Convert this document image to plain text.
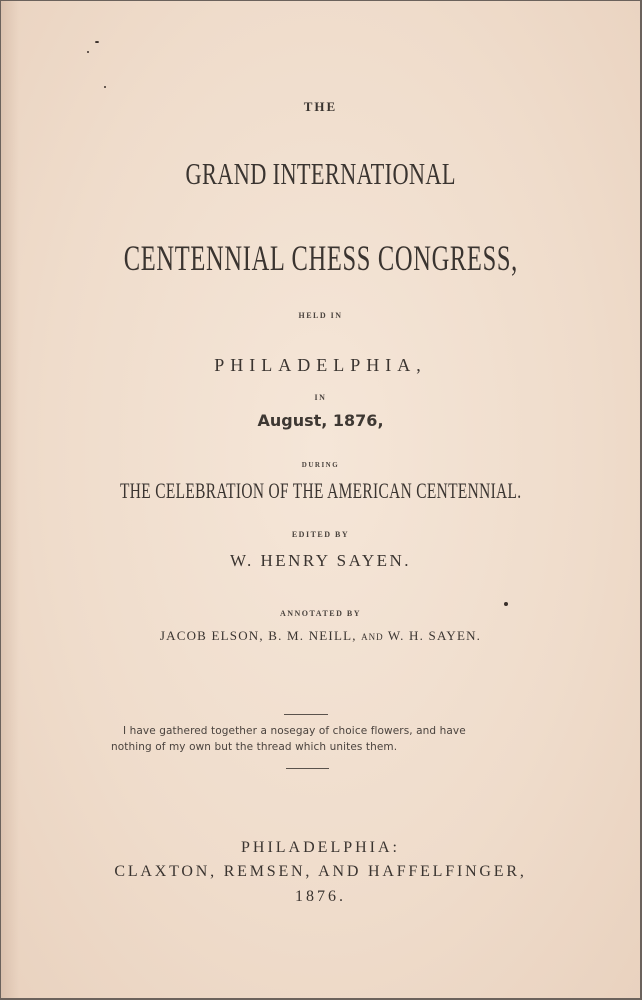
THE
GRAND INTERNATIONAL
CENTENNIAL CHESS CONGRESS,
HELD IN
PHILADELPHIA,
IN
August, 1876,
DURING
THE CELEBRATION OF THE AMERICAN CENTENNIAL.
EDITED BY
W. HENRY SAYEN.
ANNOTATED BY
JACOB ELSON, B. M. NEILL, AND W. H. SAYEN.
I have gathered together a nosegay of choice flowers, and have
nothing of my own but the thread which unites them.
PHILADELPHIA:
CLAXTON, REMSEN, AND HAFFELFINGER,
1876.
